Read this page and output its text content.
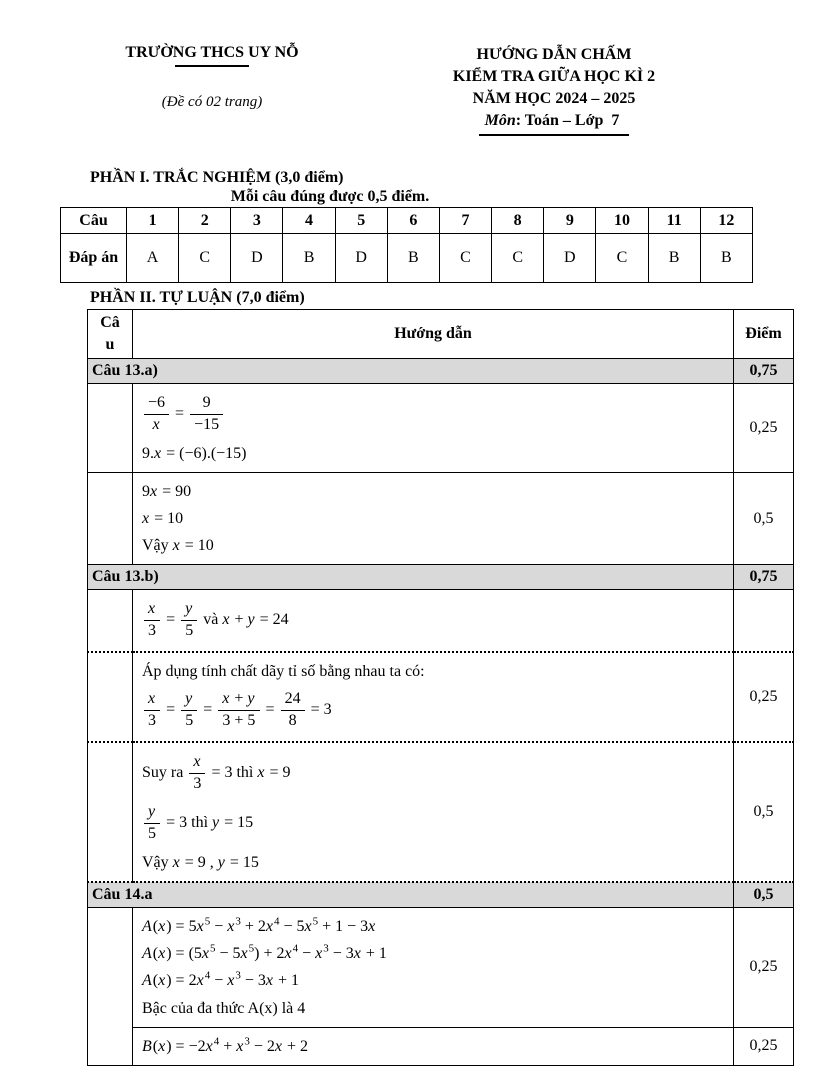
TRƯỜNG THCS UY NỖ
(Đề có 02 trang)
HƯỚNG DẪN CHẤM
KIỂM TRA GIỮA HỌC KÌ 2
NĂM HỌC 2024 – 2025
Môn: Toán – Lớp  7
PHẦN I. TRẮC NGHIỆM (3,0 điểm)
Mỗi câu đúng được 0,5 điểm.
Câu	1	2	3	4	5	6	7	8	9	10	11	12
Đáp án	A	C	D	B	D	B	C	C	D	C	B	B
PHẦN II. TỰ LUẬN (7,0 điểm)
Câu	Hướng dẫn	Điểm
Câu 13.a)		0,75

$\frac{-6}{x} = \frac{9}{-15}$
9.x = (−6).(−15)
	0,25

	9x = 90
x = 10
Vậy x = 10	0,5
Câu 13.b)		0,75

$\frac{x}{3} = \frac{y}{5}$ và x + y = 24

Áp dụng tính chất dãy tỉ số bằng nhau ta có:
$\frac{x}{3} = \frac{y}{5} = \frac{x + y}{3 + 5} = \frac{24}{8} = 3$
	0,25

Suy ra $\frac{x}{3} = 3$ thì x = 9
$\frac{y}{5} = 3$ thì y = 15
Vậy x = 9 , y = 15
	0,5
Câu 14.a		0,5

	$A(x) = 5x^5 - x^3 + 2x^4 - 5x^5 + 1 - 3x$
$A(x) = (5x^5 - 5x^5) + 2x^4 - x^3 - 3x + 1$
$A(x) = 2x^4 - x^3 - 3x + 1$
Bậc của đa thức A(x) là 4	0,25

	$B(x) = -2x^4 + x^3 - 2x + 2$	0,25
